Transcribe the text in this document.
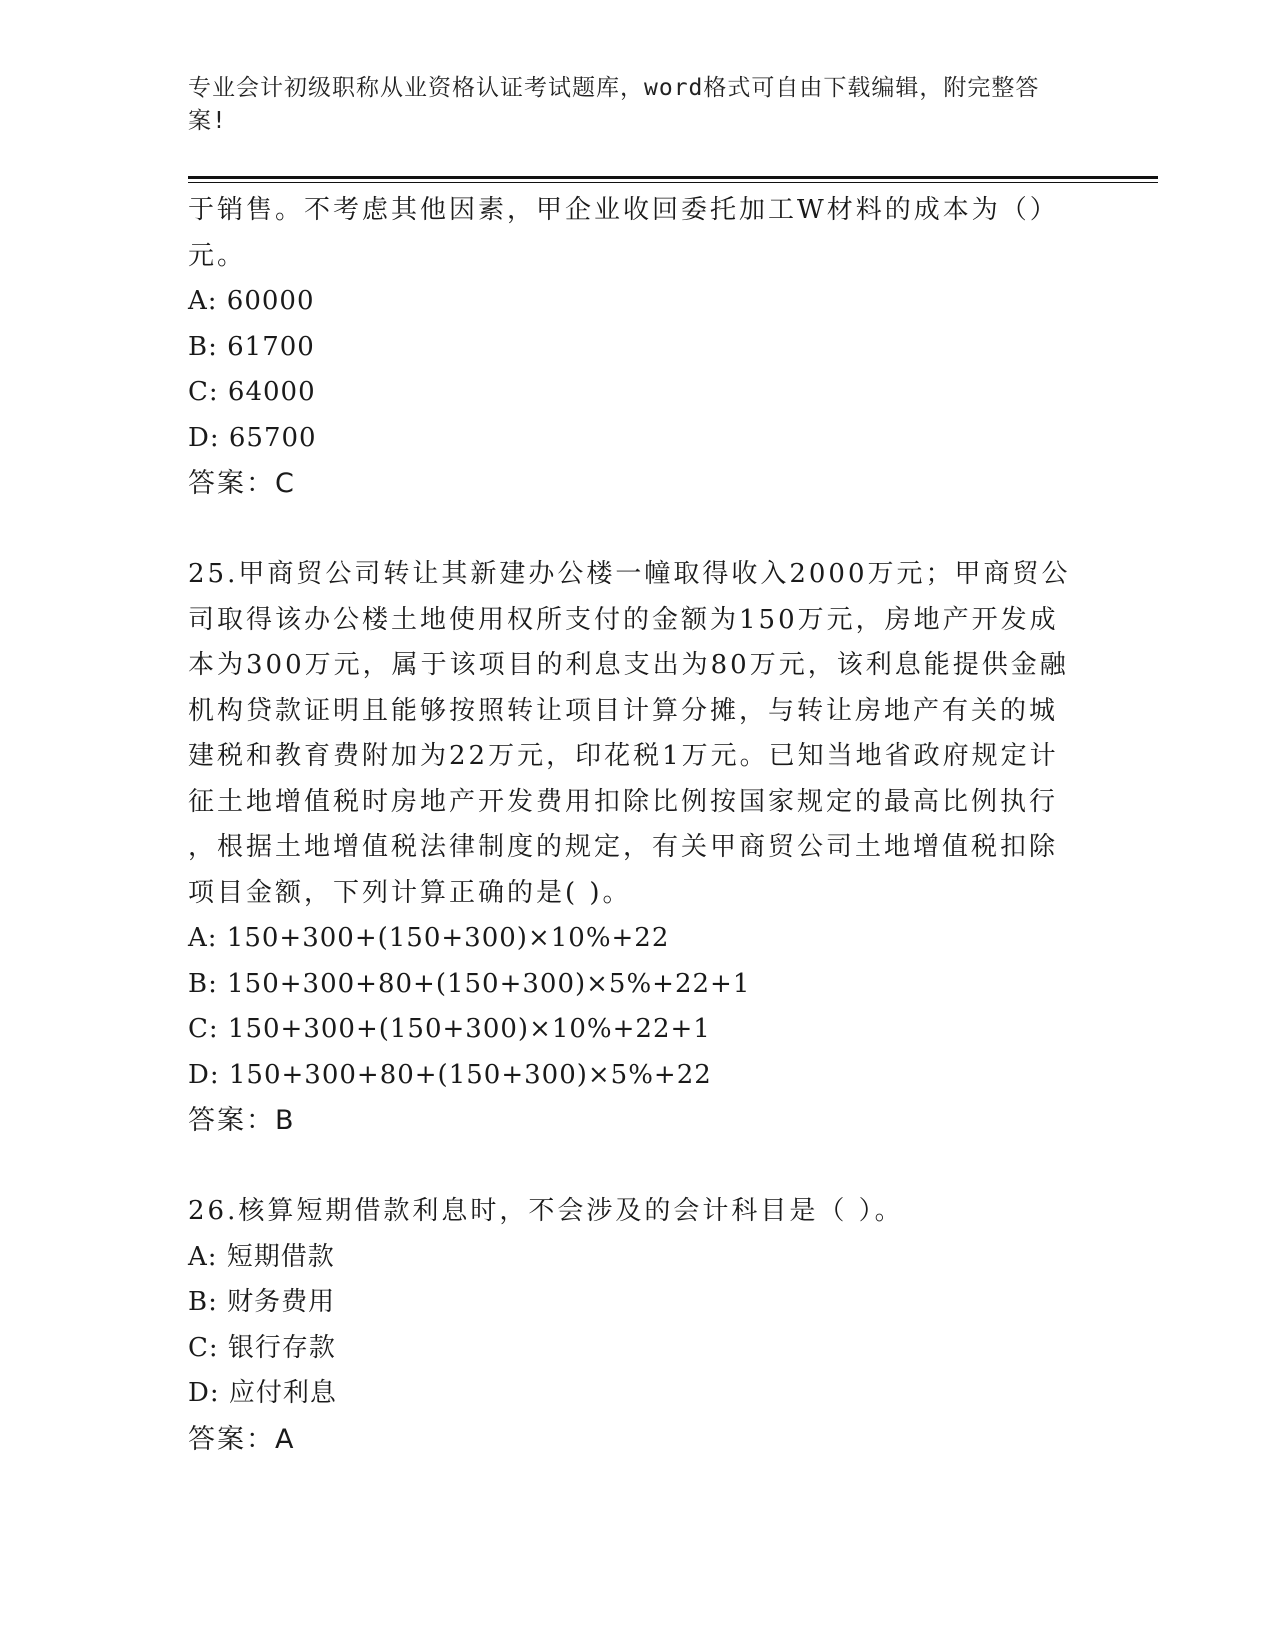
专业会计初级职称从业资格认证考试题库，word格式可自由下载编辑，附完整答
案!
于销售。不考虑其他因素，甲企业收回委托加工W材料的成本为（）
元。
A: 60000
B: 61700
C: 64000
D: 65700
答案：C
25.甲商贸公司转让其新建办公楼一幢取得收入2000万元；甲商贸公
司取得该办公楼土地使用权所支付的金额为150万元，房地产开发成
本为300万元，属于该项目的利息支出为80万元，该利息能提供金融
机构贷款证明且能够按照转让项目计算分摊，与转让房地产有关的城
建税和教育费附加为22万元，印花税1万元。已知当地省政府规定计
征土地增值税时房地产开发费用扣除比例按国家规定的最高比例执行
，根据土地增值税法律制度的规定，有关甲商贸公司土地增值税扣除
项目金额，下列计算正确的是( )。
A: 150+300+(150+300)×10%+22
B: 150+300+80+(150+300)×5%+22+1
C: 150+300+(150+300)×10%+22+1
D: 150+300+80+(150+300)×5%+22
答案：B
26.核算短期借款利息时，不会涉及的会计科目是（ ）。
A: 短期借款
B: 财务费用
C: 银行存款
D: 应付利息
答案：A
